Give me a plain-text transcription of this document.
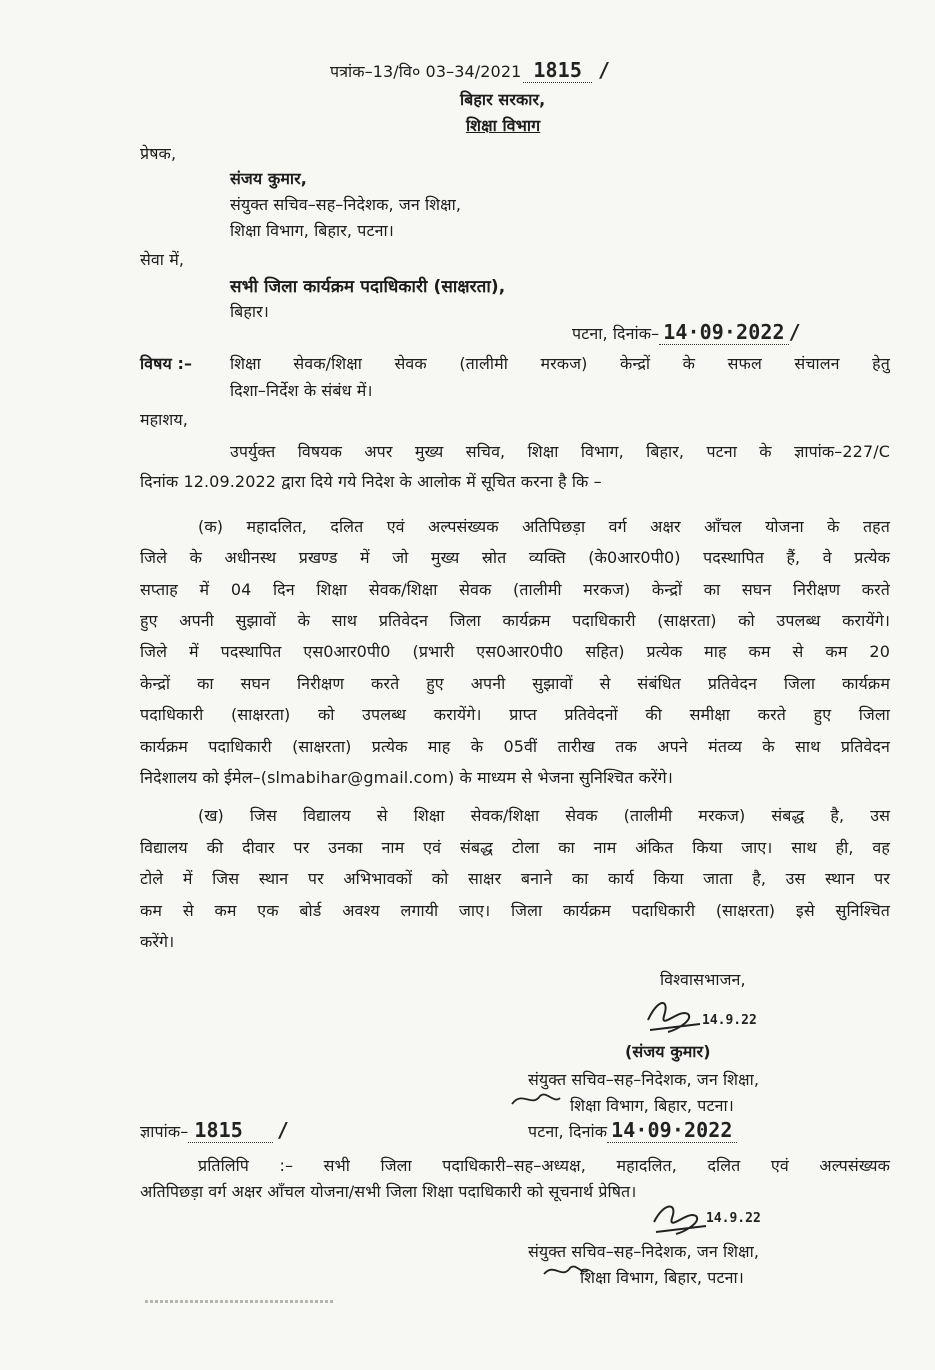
पत्रांक–13/वि० 03–34/2021 1815 /
बिहार सरकार,
शिक्षा विभाग
प्रेषक,
संजय कुमार,
संयुक्त सचिव–सह–निदेशक, जन शिक्षा,
शिक्षा विभाग, बिहार, पटना।
सेवा में,
सभी जिला कार्यक्रम पदाधिकारी (साक्षरता),
बिहार।
पटना, दिनांक– 14·09·2022 /
विषय :– शिक्षा सेवक/शिक्षा सेवक (तालीमी मरकज) केन्द्रों के सफल संचालन हेतु
दिशा–निर्देश के संबंध में।
महाशय,
उपर्युक्त विषयक अपर मुख्य सचिव, शिक्षा विभाग, बिहार, पटना के ज्ञापांक–227/C
दिनांक 12.09.2022 द्वारा दिये गये निदेश के आलोक में सूचित करना है कि –
(क) महादलित, दलित एवं अल्पसंख्यक अतिपिछड़ा वर्ग अक्षर आँचल योजना के तहत
जिले के अधीनस्थ प्रखण्ड में जो मुख्य स्रोत व्यक्ति (के0आर0पी0) पदस्थापित हैं, वे प्रत्येक
सप्ताह में 04 दिन शिक्षा सेवक/शिक्षा सेवक (तालीमी मरकज) केन्द्रों का सघन निरीक्षण करते
हुए अपनी सुझावों के साथ प्रतिवेदन जिला कार्यक्रम पदाधिकारी (साक्षरता) को उपलब्ध करायेंगे।
जिले में पदस्थापित एस0आर0पी0 (प्रभारी एस0आर0पी0 सहित) प्रत्येक माह कम से कम 20
केन्द्रों का सघन निरीक्षण करते हुए अपनी सुझावों से संबंधित प्रतिवेदन जिला कार्यक्रम
पदाधिकारी (साक्षरता) को उपलब्ध करायेंगे। प्राप्त प्रतिवेदनों की समीक्षा करते हुए जिला
कार्यक्रम पदाधिकारी (साक्षरता) प्रत्येक माह के 05वीं तारीख तक अपने मंतव्य के साथ प्रतिवेदन
निदेशालय को ईमेल–(slmabihar@gmail.com) के माध्यम से भेजना सुनिश्चित करेंगे।
(ख) जिस विद्यालय से शिक्षा सेवक/शिक्षा सेवक (तालीमी मरकज) संबद्ध है, उस
विद्यालय की दीवार पर उनका नाम एवं संबद्ध टोला का नाम अंकित किया जाए। साथ ही, वह
टोले में जिस स्थान पर अभिभावकों को साक्षर बनाने का कार्य किया जाता है, उस स्थान पर
कम से कम एक बोर्ड अवश्य लगायी जाए। जिला कार्यक्रम पदाधिकारी (साक्षरता) इसे सुनिश्चित
करेंगे।
विश्वासभाजन,
14.9.22
(संजय कुमार)
संयुक्त सचिव–सह–निदेशक, जन शिक्षा,
शिक्षा विभाग, बिहार, पटना।
ज्ञापांक– 1815 /	पटना, दिनांक 14·09·2022
प्रतिलिपि :– सभी जिला पदाधिकारी–सह–अध्यक्ष, महादलित, दलित एवं अल्पसंख्यक
अतिपिछड़ा वर्ग अक्षर आँचल योजना/सभी जिला शिक्षा पदाधिकारी को सूचनार्थ प्रेषित।
14.9.22
संयुक्त सचिव–सह–निदेशक, जन शिक्षा,
शिक्षा विभाग, बिहार, पटना।
